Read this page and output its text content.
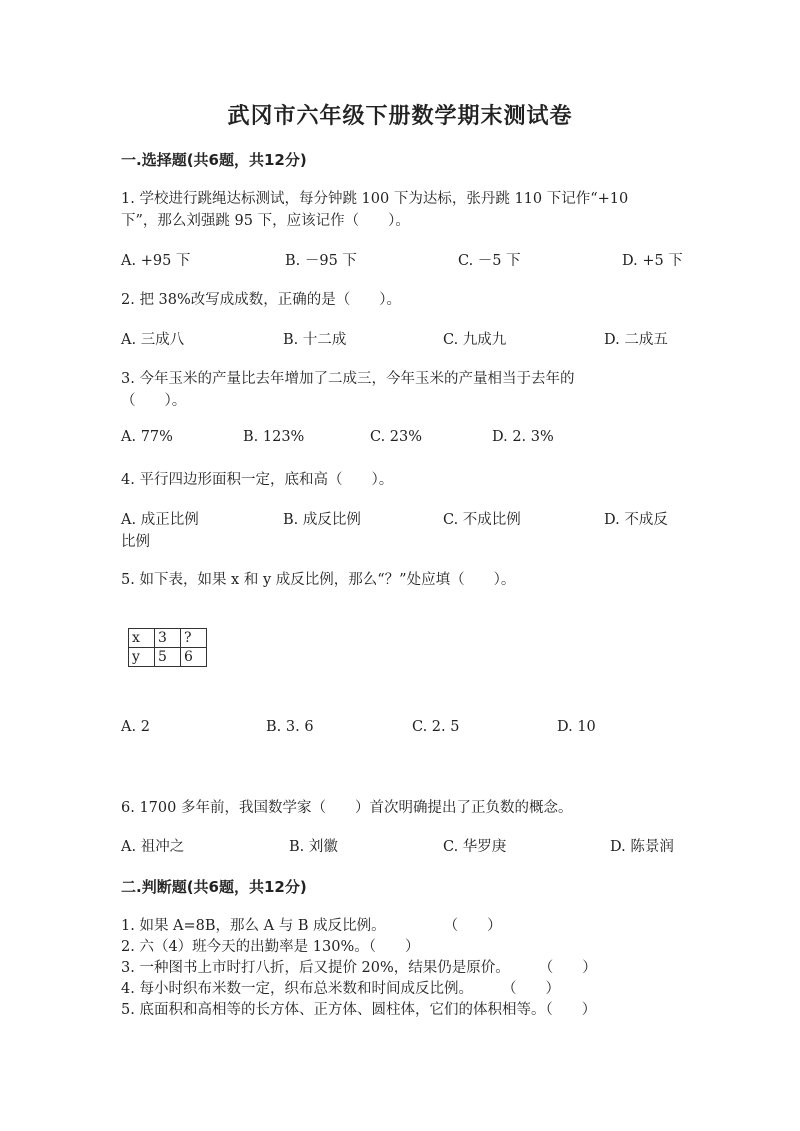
武冈市六年级下册数学期末测试卷
一.选择题(共6题，共12分)
1. 学校进行跳绳达标测试，每分钟跳 100 下为达标，张丹跳 110 下记作“+10
下”，那么刘强跳 95 下，应该记作（　　）。
A. +95 下	B. －95 下	C. －5 下	D. +5 下
2. 把 38%改写成成数，正确的是（　　）。
A. 三成八	B. 十二成	C. 九成九	D. 二成五
3. 今年玉米的产量比去年增加了二成三，今年玉米的产量相当于去年的
（　　）。
A. 77%	B. 123%	C. 23%	D. 2. 3%
4. 平行四边形面积一定，底和高（　　）。
A. 成正比例	B. 成反比例	C. 不成比例	D. 不成反
比例
5. 如下表，如果 x 和 y 成反比例，那么“？”处应填（　　）。
x	3	?
y	5	6
A. 2	B. 3. 6	C. 2. 5	D. 10
6. 1700 多年前，我国数学家（　　）首次明确提出了正负数的概念。
A. 祖冲之	B. 刘徽	C. 华罗庚	D. 陈景润
二.判断题(共6题，共12分)
1. 如果 A=8B，那么 A 与 B 成反比例。　　　　　（　　）
2. 六（4）班今天的出勤率是 130%。（　　）
3. 一种图书上市时打八折，后又提价 20%，结果仍是原价。　　　（　　）
4. 每小时织布米数一定，织布总米数和时间成反比例。　　　（　　）
5. 底面积和高相等的长方体、正方体、圆柱体，它们的体积相等。（　　）
